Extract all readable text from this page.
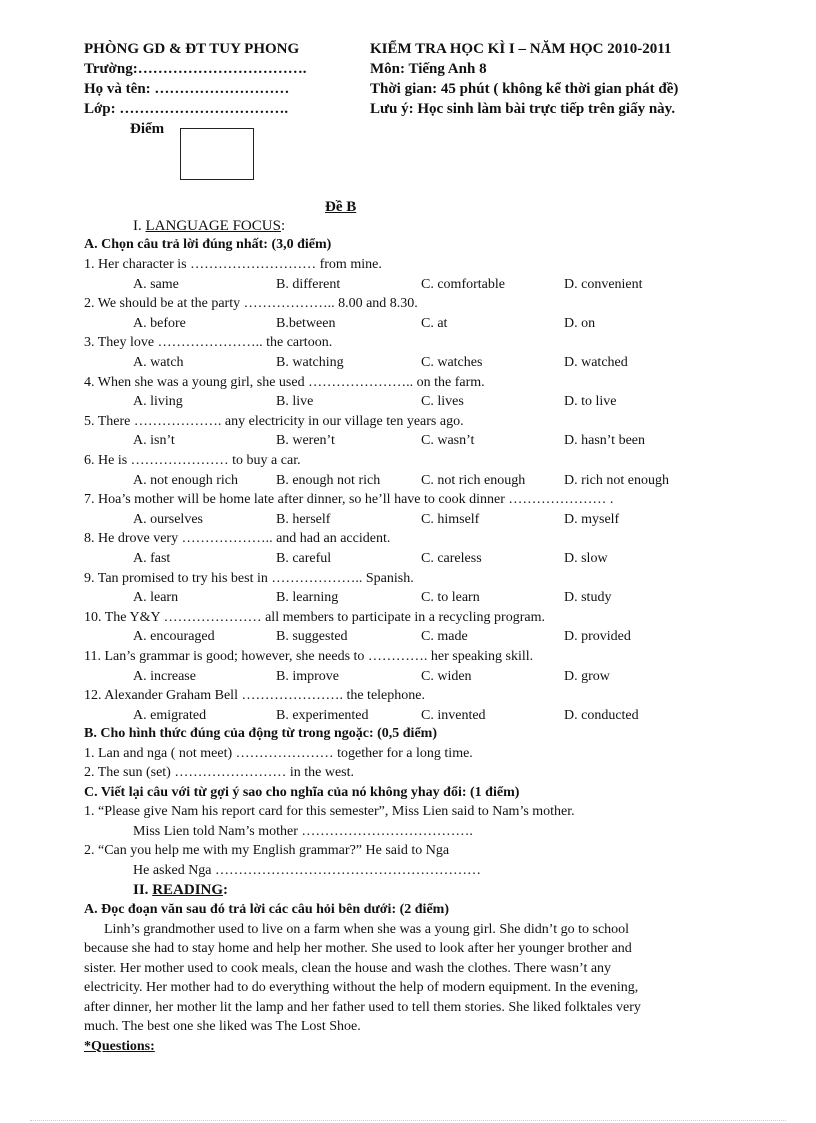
PHÒNG GD & ĐT TUY PHONG
Trường:…………………………….
Họ và tên: ………………………
Lớp: …………………………….
Điểm
KIỂM TRA HỌC KÌ I – NĂM HỌC 2010-2011
Môn: Tiếng Anh 8
Thời gian: 45 phút ( không kể thời gian phát đề)
Lưu ý: Học sinh làm bài trực tiếp trên giấy này.
Đề B
I. LANGUAGE FOCUS:
A. Chọn câu trả lời đúng nhất: (3,0 điểm)
1. Her character is ……………………… from mine.
A. same	B. different	C. comfortable	D. convenient
2. We should be at the party ……………….. 8.00 and 8.30.
A. before	B.between	C. at	D. on
3. They love ………………….. the cartoon.
A. watch	B. watching	C. watches	D. watched
4. When she was a young girl, she used ………………….. on the farm.
A. living	B. live	C. lives	D. to live
5. There ………………. any electricity in our village ten years ago.
A. isn’t	B. weren’t	C. wasn’t	D. hasn’t been
6. He is ………………… to buy a car.
A. not enough rich	B. enough not rich	C. not rich enough	D. rich not enough
7. Hoa’s mother will be home late after dinner, so he’ll have to cook dinner ………………… .
A. ourselves	B. herself	C. himself	D. myself
8. He drove very ……………….. and had an accident.
A. fast	B. careful	C. careless	D. slow
9. Tan promised to try his best in ……………….. Spanish.
A. learn	B. learning	C. to learn	D. study
10. The Y&Y ………………… all members to participate in a recycling program.
A. encouraged	B. suggested	C. made	D. provided
11. Lan’s grammar is good; however, she needs to …………. her speaking skill.
A. increase	B. improve	C. widen	D. grow
12. Alexander Graham Bell …………………. the telephone.
A. emigrated	B. experimented	C. invented	D. conducted
B. Cho hình thức đúng của động từ trong ngoặc: (0,5 điểm)
1. Lan and nga ( not meet) ………………… together for a long time.
2. The sun (set) …………………… in the west.
C. Viết lại câu với từ gợi ý sao cho nghĩa của nó không yhay đổi: (1 điểm)
1. “Please give Nam his report card for this semester”, Miss Lien said to Nam’s mother.
Miss Lien told Nam’s mother ……………………………….
2. “Can you help me with my English grammar?” He said to Nga
He asked Nga …………………………………………………
II. READING:
A. Đọc đoạn văn sau đó trả lời các câu hỏi bên dưới: (2 điểm)
Linh’s grandmother used to live on a farm when she was a young girl. She didn’t go to school
because she had to stay home and help her mother. She used to look after her younger brother and
sister. Her mother used to cook meals, clean the house and wash the clothes. There wasn’t any
electricity. Her mother had to do everything without the help of modern equipment. In the evening,
after dinner, her mother lit the lamp and her father used to tell them stories. She liked folktales very
much. The best one she liked was The Lost Shoe.
*Questions:
